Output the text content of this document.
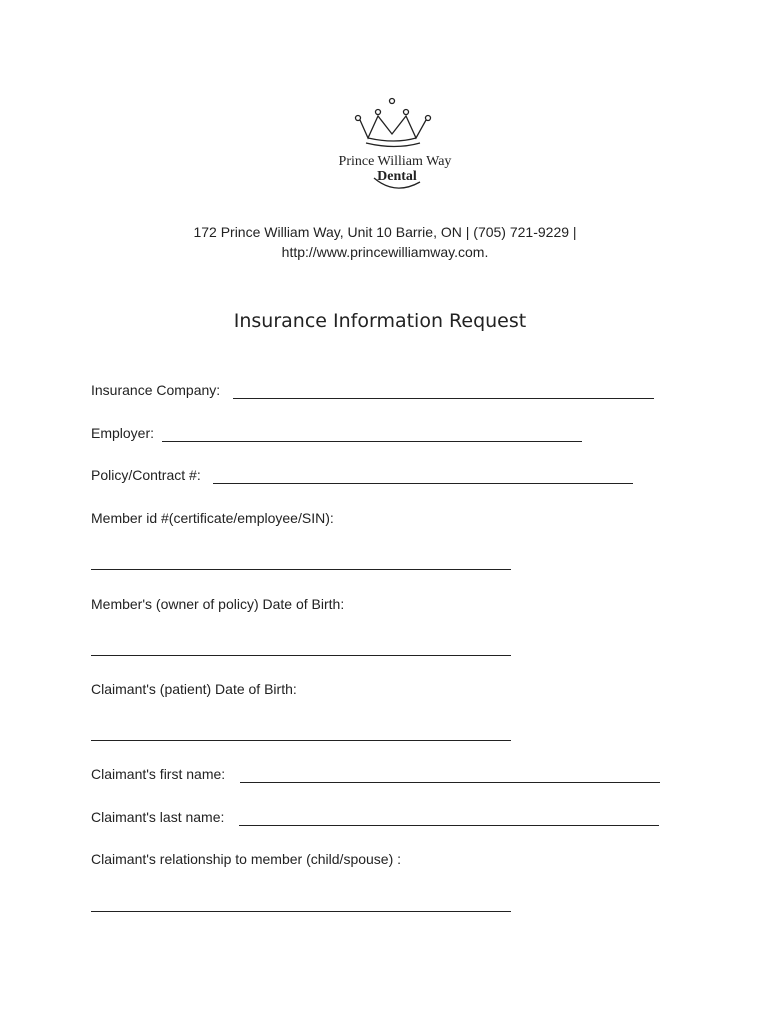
Prince William Way
Dental
172 Prince William Way, Unit 10 Barrie, ON | (705) 721-9229 |
http://www.princewilliamway.com.
Insurance Information Request
Insurance Company:
Employer:
Policy/Contract #:
Member id #(certificate/employee/SIN):
Member's (owner of policy) Date of Birth:
Claimant's (patient) Date of Birth:
Claimant's first name:
Claimant's last name:
Claimant's relationship to member (child/spouse) :
